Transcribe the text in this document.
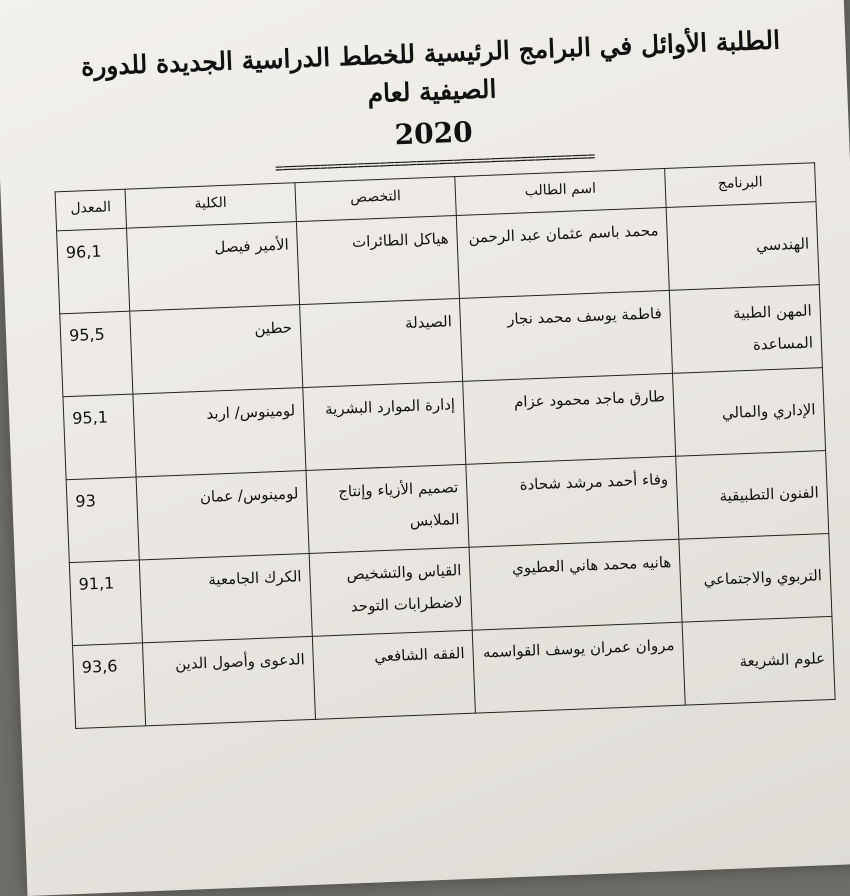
الطلبة الأوائل في البرامج الرئيسية للخطط الدراسية الجديدة للدورة الصيفية لعام
2020
===========================================
البرنامج	اسم الطالب	التخصص	الكلية	المعدل
الهندسي	محمد باسم عثمان عبد الرحمن	هياكل الطائرات	الأمير فيصل	96,1
المهن الطبية المساعدة	فاطمة يوسف محمد نجار	الصيدلة	حطين	95,5
الإداري والمالي	طارق ماجد محمود عزام	إدارة الموارد البشرية	لومينوس/ اربد	95,1
الفنون التطبيقية	وفاء أحمد مرشد شحادة	تصميم الأزياء وإنتاج الملابس	لومينوس/ عمان	93
التربوي والاجتماعي	هانيه محمد هاني العطيوي	القياس والتشخيص لاضطرابات التوحد	الكرك الجامعية	91,1
علوم الشريعة	مروان عمران يوسف القواسمه	الفقه الشافعي	الدعوى وأصول الدين	93,6
